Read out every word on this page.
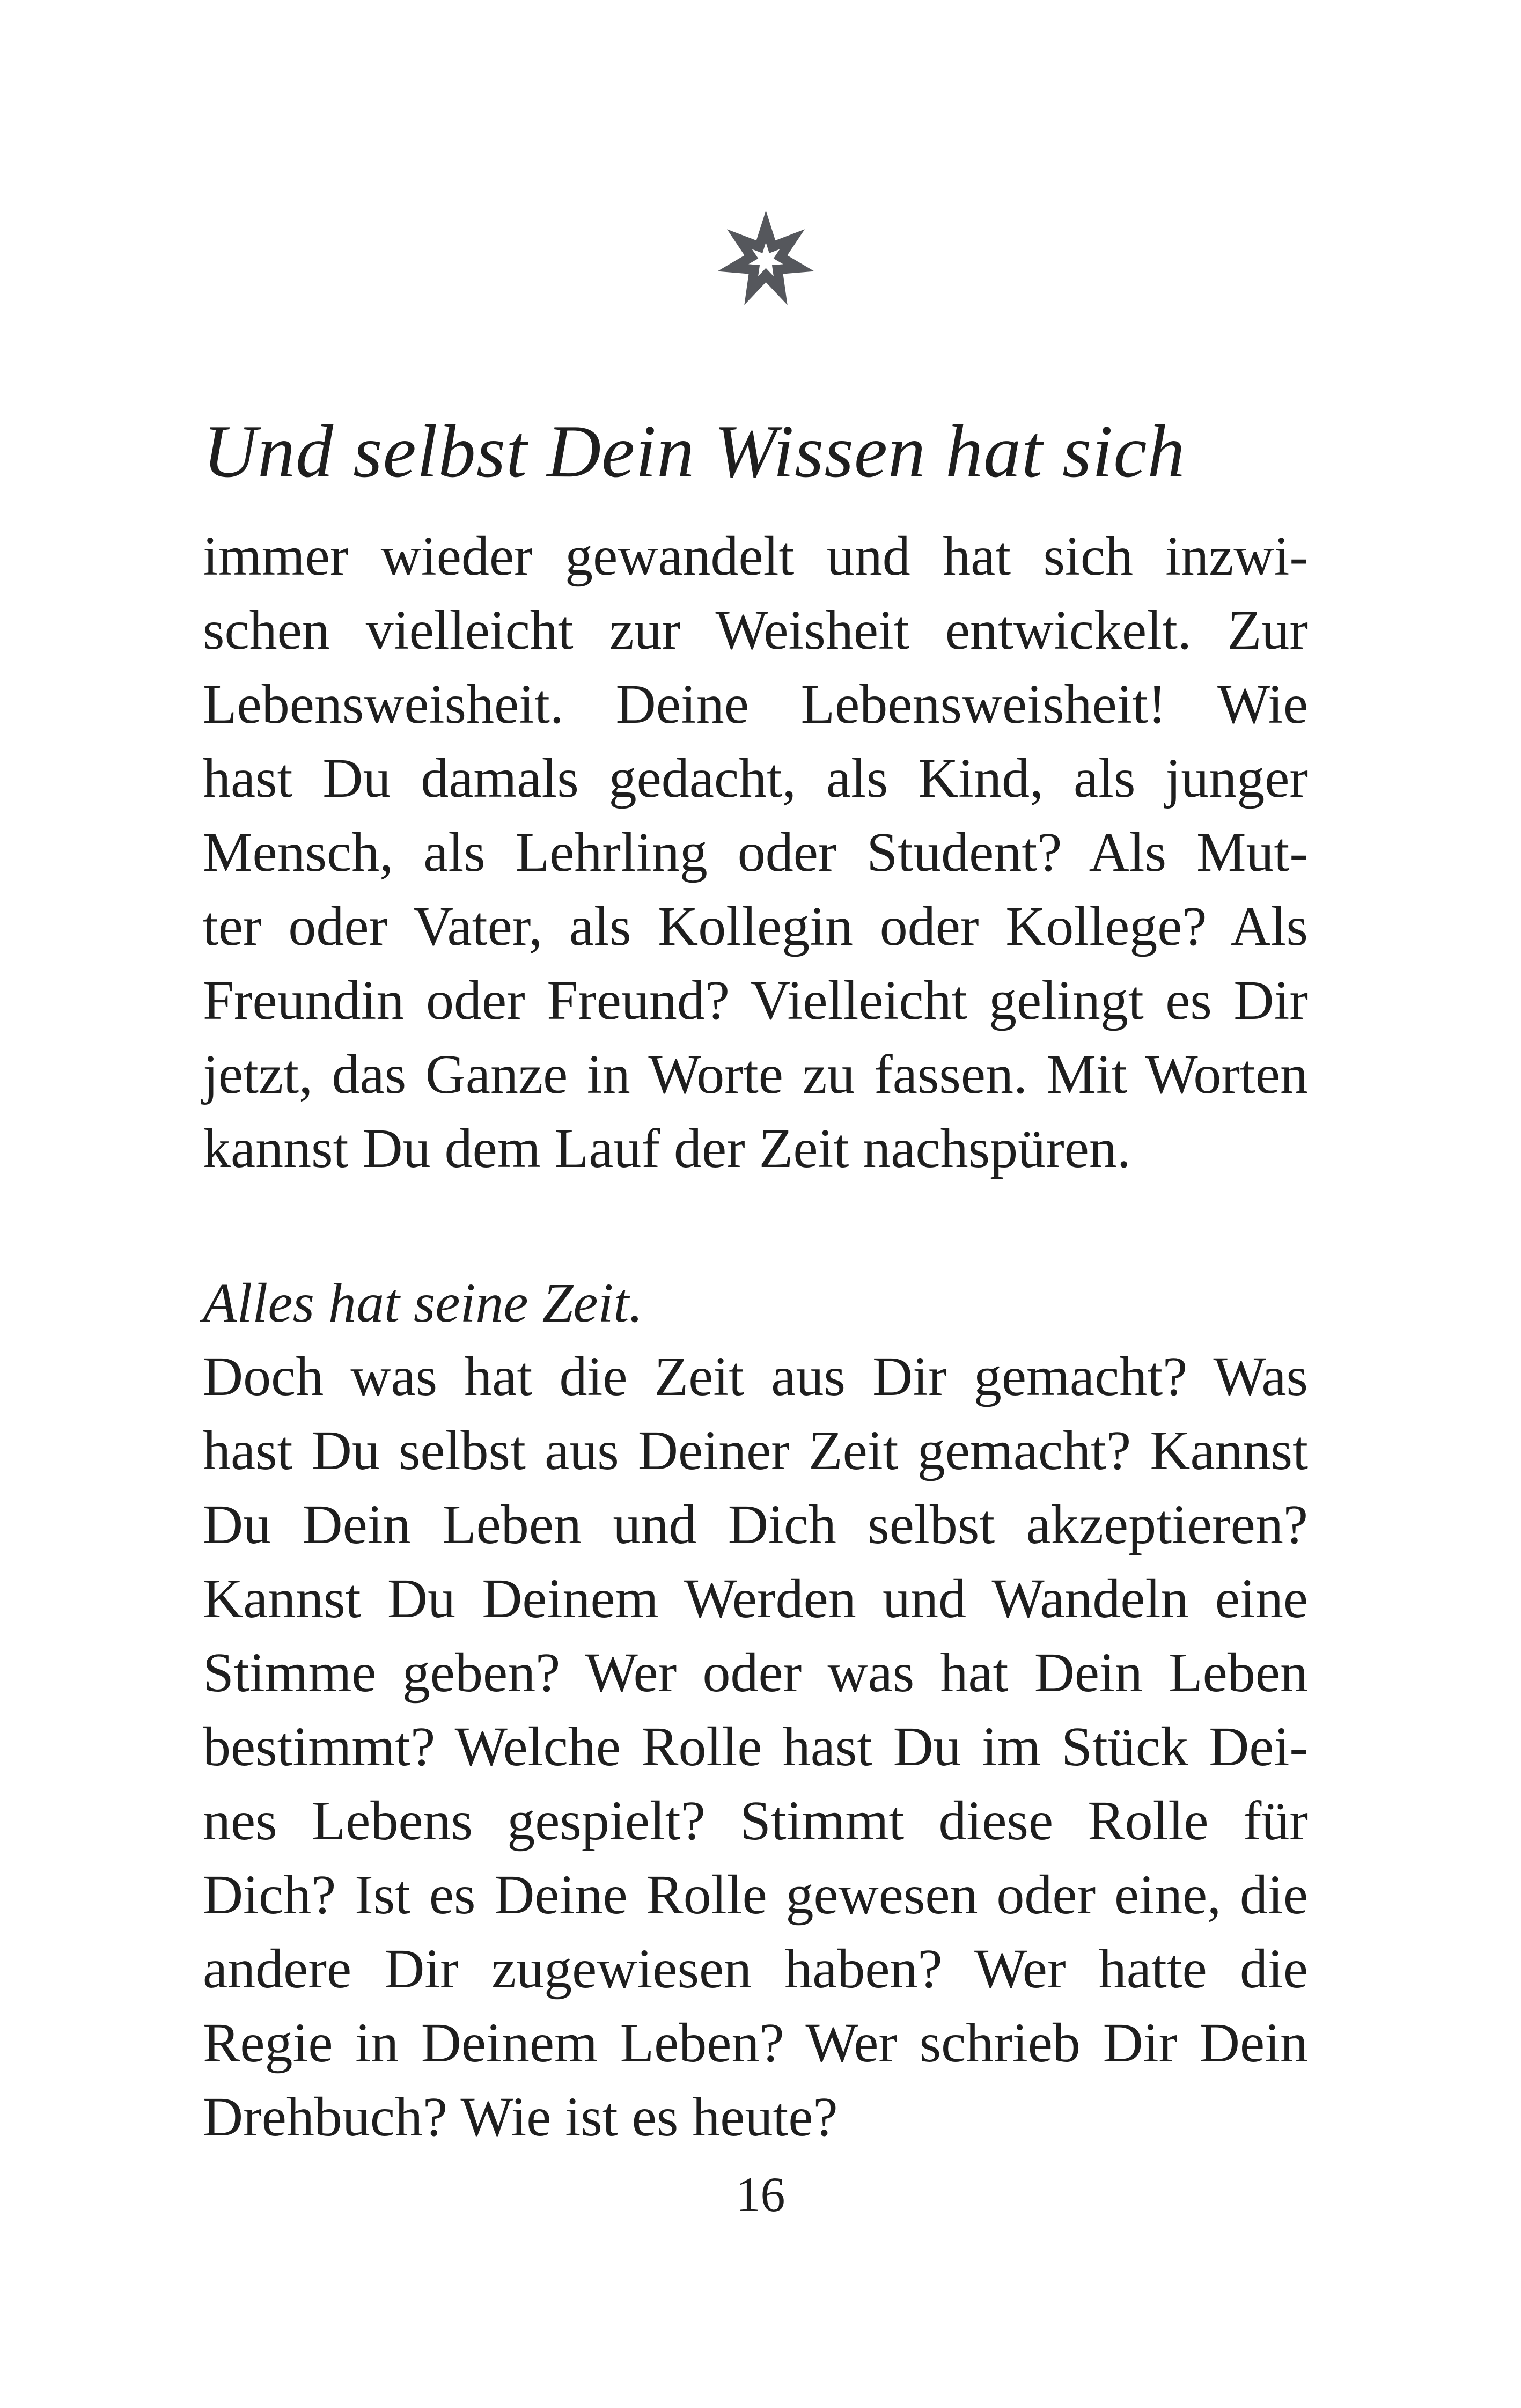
Und selbst Dein Wissen hat sich
immer wieder gewandelt und hat sich inzwi-
schen vielleicht zur Weisheit entwickelt. Zur
Lebensweisheit. Deine Lebensweisheit! Wie
hast Du damals gedacht, als Kind, als junger
Mensch, als Lehrling oder Student? Als Mut-
ter oder Vater, als Kollegin oder Kollege? Als
Freundin oder Freund? Vielleicht gelingt es Dir
jetzt, das Ganze in Worte zu fassen. Mit Worten
kannst Du dem Lauf der Zeit nachspüren.
Alles hat seine Zeit.
Doch was hat die Zeit aus Dir gemacht? Was
hast Du selbst aus Deiner Zeit gemacht? Kannst
Du Dein Leben und Dich selbst akzeptieren?
Kannst Du Deinem Werden und Wandeln eine
Stimme geben? Wer oder was hat Dein Leben
bestimmt? Welche Rolle hast Du im Stück Dei-
nes Lebens gespielt? Stimmt diese Rolle für
Dich? Ist es Deine Rolle gewesen oder eine, die
andere Dir zugewiesen haben? Wer hatte die
Regie in Deinem Leben? Wer schrieb Dir Dein
Drehbuch? Wie ist es heute?
16
